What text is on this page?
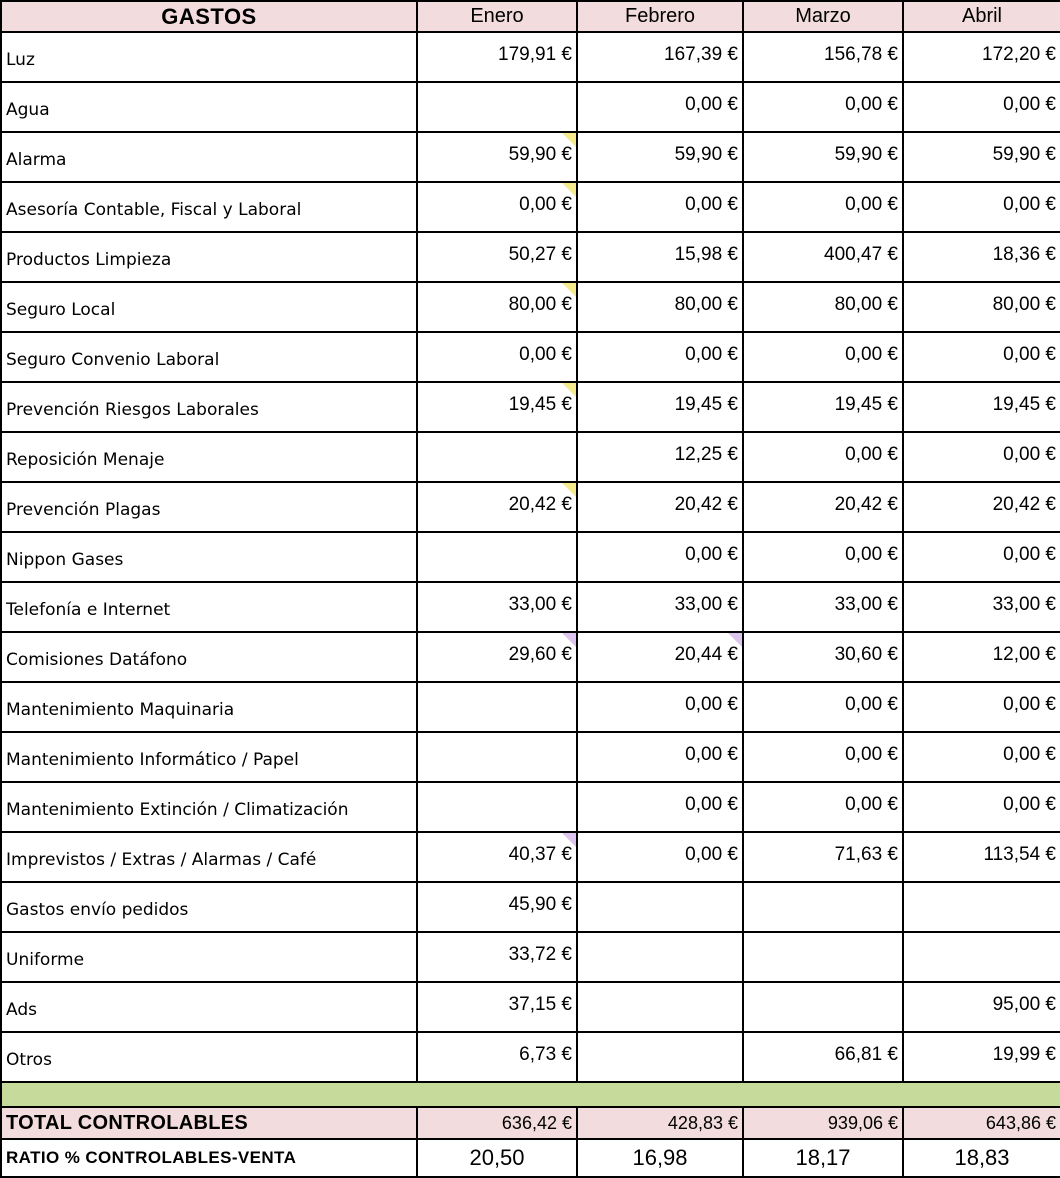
GASTOS	Enero	Febrero	Marzo	Abril
Luz	179,91 €	167,39 €	156,78 €	172,20 €
Agua		0,00 €	0,00 €	0,00 €
Alarma	59,90 €	59,90 €	59,90 €	59,90 €
Asesoría Contable, Fiscal y Laboral	0,00 €	0,00 €	0,00 €	0,00 €
Productos Limpieza	50,27 €	15,98 €	400,47 €	18,36 €
Seguro Local	80,00 €	80,00 €	80,00 €	80,00 €
Seguro Convenio Laboral	0,00 €	0,00 €	0,00 €	0,00 €
Prevención Riesgos Laborales	19,45 €	19,45 €	19,45 €	19,45 €
Reposición Menaje		12,25 €	0,00 €	0,00 €
Prevención Plagas	20,42 €	20,42 €	20,42 €	20,42 €
Nippon Gases		0,00 €	0,00 €	0,00 €
Telefonía e Internet	33,00 €	33,00 €	33,00 €	33,00 €
Comisiones Datáfono	29,60 €	20,44 €	30,60 €	12,00 €
Mantenimiento Maquinaria		0,00 €	0,00 €	0,00 €
Mantenimiento Informático / Papel		0,00 €	0,00 €	0,00 €
Mantenimiento Extinción / Climatización		0,00 €	0,00 €	0,00 €
Imprevistos / Extras / Alarmas / Café	40,37 €	0,00 €	71,63 €	113,54 €
Gastos envío pedidos	45,90 €			
Uniforme	33,72 €			
Ads	37,15 €			95,00 €
Otros	6,73 €		66,81 €	19,99 €

TOTAL CONTROLABLES	636,42 €	428,83 €	939,06 €	643,86 €
RATIO % CONTROLABLES-VENTA	20,50	16,98	18,17	18,83
